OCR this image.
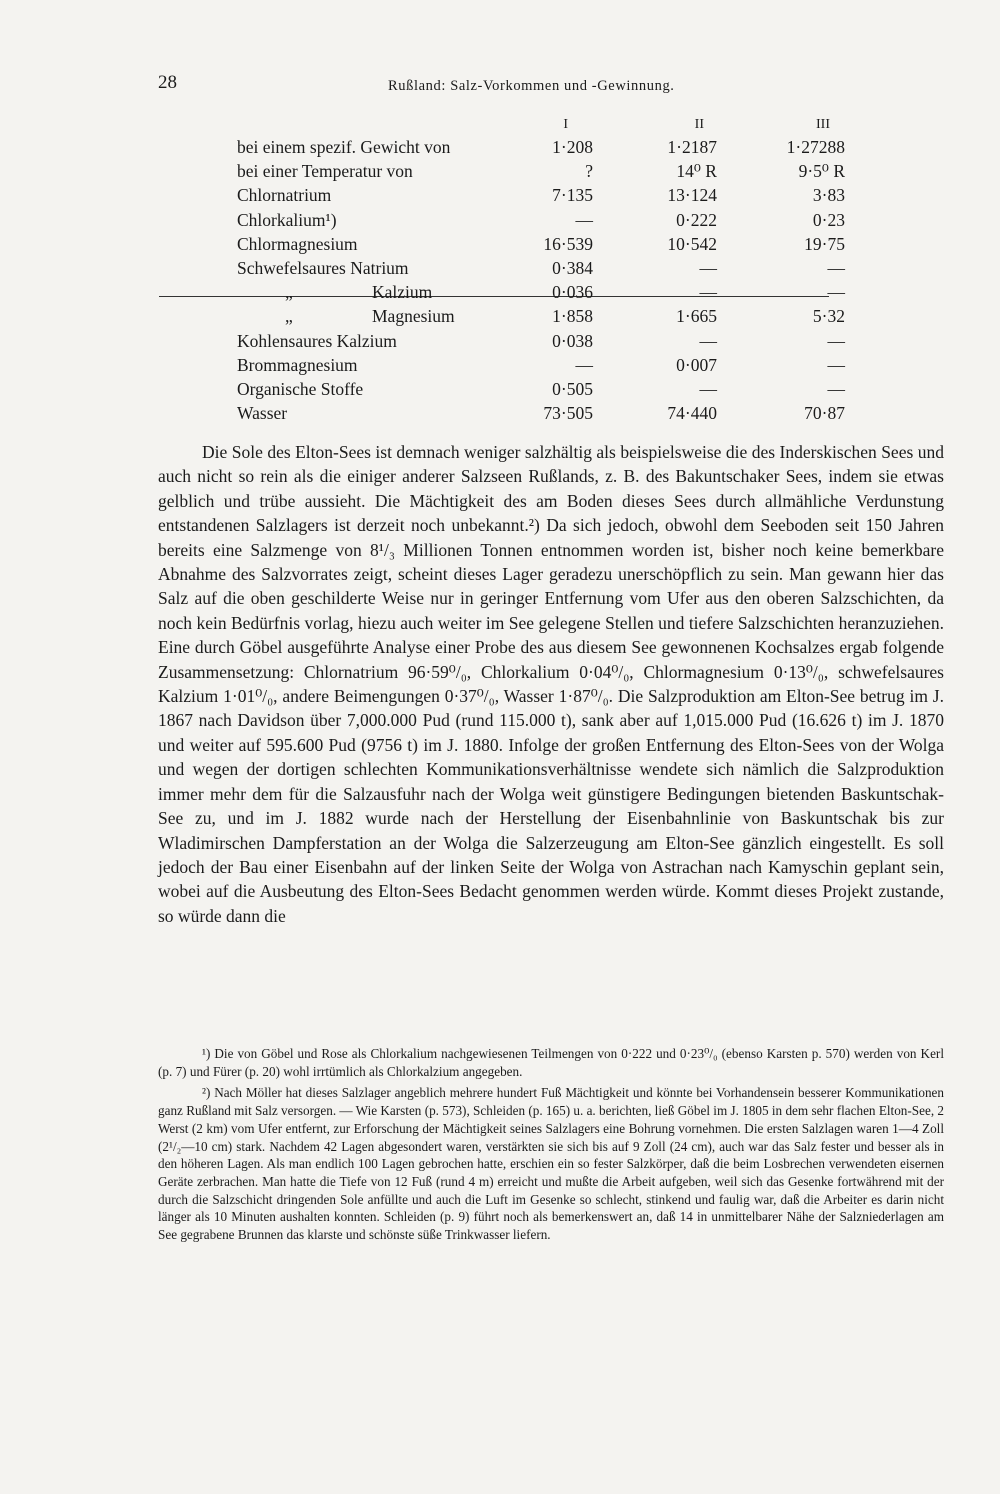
28	Rußland: Salz-Vorkommen und -Gewinnung.
I	II	III
bei einem spezif. Gewicht von	1·208	1·2187	1·27288
bei einer Temperatur von	?	14⁰ R	9·5⁰ R
Chlornatrium	7·135	13·124	3·83
Chlorkalium¹)	—	0·222	0·23
Chlormagnesium	16·539	10·542	19·75
Schwefelsaures Natrium	0·384	—	—
„	Kalzium	0·036	—	—
„	Magnesium	1·858	1·665	5·32
Kohlensaures Kalzium	0·038	—	—
Brommagnesium	—	0·007	—
Organische Stoffe	0·505	—	—
Wasser	73·505	74·440	70·87

Die Sole des Elton-Sees ist demnach weniger salzhältig als beispielsweise die des Inderskischen Sees und auch nicht so rein als die einiger anderer Salzseen Rußlands, z. B. des Bakuntschaker Sees, indem sie etwas gelblich und trübe aussieht. Die Mächtigkeit des am Boden dieses Sees durch allmähliche Verdunstung entstandenen Salzlagers ist derzeit noch unbekannt.²) Da sich jedoch, obwohl dem Seeboden seit 150 Jahren bereits eine Salzmenge von 8¹/₃ Millionen Tonnen entnommen worden ist, bisher noch keine bemerkbare Abnahme des Salzvorrates zeigt, scheint dieses Lager geradezu unerschöpflich zu sein. Man gewann hier das Salz auf die oben geschilderte Weise nur in geringer Entfernung vom Ufer aus den oberen Salzschichten, da noch kein Bedürfnis vorlag, hiezu auch weiter im See gelegene Stellen und tiefere Salzschichten heranzuziehen. Eine durch Göbel ausgeführte Analyse einer Probe des aus diesem See gewonnenen Kochsalzes ergab folgende Zusammensetzung: Chlornatrium 96·59⁰/₀, Chlorkalium 0·04⁰/₀, Chlormagnesium 0·13⁰/₀, schwefelsaures Kalzium 1·01⁰/₀, andere Beimengungen 0·37⁰/₀, Wasser 1·87⁰/₀. Die Salzproduktion am Elton-See betrug im J. 1867 nach Davidson über 7,000.000 Pud (rund 115.000 t), sank aber auf 1,015.000 Pud (16.626 t) im J. 1870 und weiter auf 595.600 Pud (9756 t) im J. 1880. Infolge der großen Entfernung des Elton-Sees von der Wolga und wegen der dortigen schlechten Kommunikationsverhältnisse wendete sich nämlich die Salzproduktion immer mehr dem für die Salzausfuhr nach der Wolga weit günstigere Bedingungen bietenden Baskuntschak-See zu, und im J. 1882 wurde nach der Herstellung der Eisenbahnlinie von Baskuntschak bis zur Wladimirschen Dampferstation an der Wolga die Salzerzeugung am Elton-See gänzlich eingestellt. Es soll jedoch der Bau einer Eisenbahn auf der linken Seite der Wolga von Astrachan nach Kamyschin geplant sein, wobei auf die Ausbeutung des Elton-Sees Bedacht genommen werden würde. Kommt dieses Projekt zustande, so würde dann die

¹) Die von Göbel und Rose als Chlorkalium nachgewiesenen Teilmengen von 0·222 und 0·23⁰/₀ (ebenso Karsten p. 570) werden von Kerl (p. 7) und Fürer (p. 20) wohl irrtümlich als Chlorkalzium angegeben.

²) Nach Möller hat dieses Salzlager angeblich mehrere hundert Fuß Mächtigkeit und könnte bei Vorhandensein besserer Kommunikationen ganz Rußland mit Salz versorgen. — Wie Karsten (p. 573), Schleiden (p. 165) u. a. berichten, ließ Göbel im J. 1805 in dem sehr flachen Elton-See, 2 Werst (2 km) vom Ufer entfernt, zur Erforschung der Mächtigkeit seines Salzlagers eine Bohrung vornehmen. Die ersten Salzlagen waren 1—4 Zoll (2¹/₂—10 cm) stark. Nachdem 42 Lagen abgesondert waren, verstärkten sie sich bis auf 9 Zoll (24 cm), auch war das Salz fester und besser als in den höheren Lagen. Als man endlich 100 Lagen gebrochen hatte, erschien ein so fester Salzkörper, daß die beim Losbrechen verwendeten eisernen Geräte zerbrachen. Man hatte die Tiefe von 12 Fuß (rund 4 m) erreicht und mußte die Arbeit aufgeben, weil sich das Gesenke fortwährend mit der durch die Salzschicht dringenden Sole anfüllte und auch die Luft im Gesenke so schlecht, stinkend und faulig war, daß die Arbeiter es darin nicht länger als 10 Minuten aushalten konnten. Schleiden (p. 9) führt noch als bemerkenswert an, daß 14 in unmittelbarer Nähe der Salzniederlagen am See gegrabene Brunnen das klarste und schönste süße Trinkwasser liefern.
